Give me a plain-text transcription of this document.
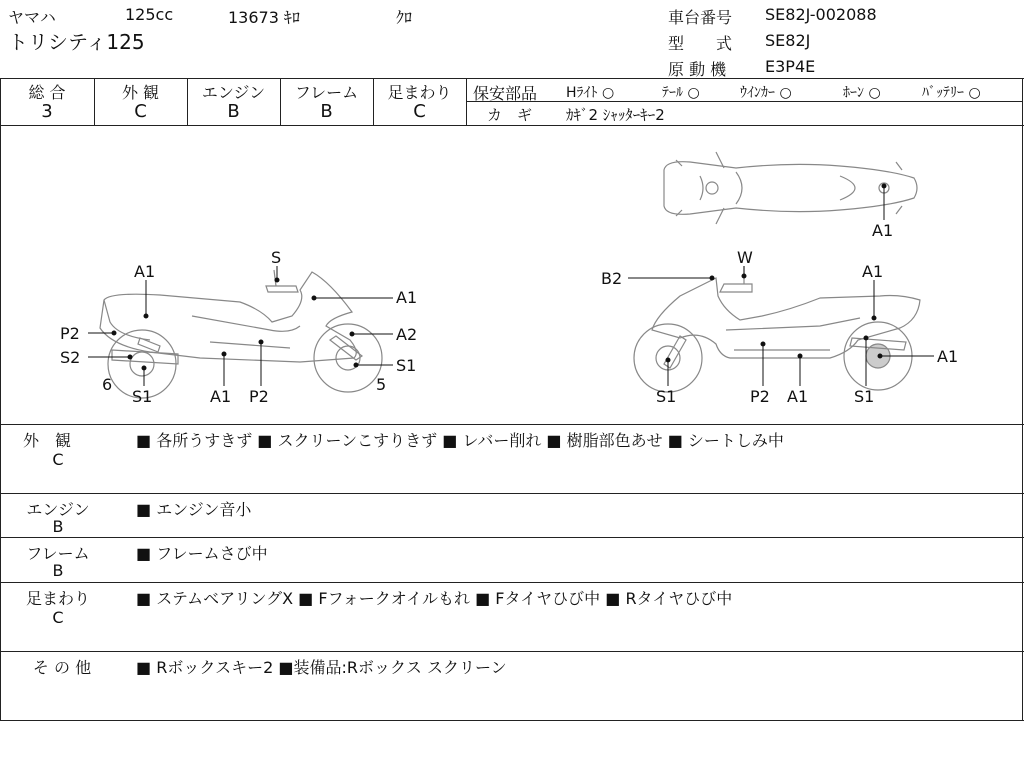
ヤマハ	125cc	13673 ｷﾛ	ｸﾛ
トリシティ125
車台番号 SE82J-002088
型　　式 SE82J
原 動 機 E3P4E
総 合
3
外 観
C
エンジン
B
フレーム
B
足まわり
C
保安部品 Hﾗｲﾄ ○	ﾃｰﾙ ○	ｳｲﾝｶｰ ○	ﾎｰﾝ ○	ﾊﾞｯﾃﾘｰ ○
カ　ギ ｶｷﾞ2 ｼｬｯﾀｰｷｰ2
A1
S
A1
P2	A2
S2	S1
6
S1	A1 P2
5
A1
B2
W
A1
A1
S1	P2 A1	S1
外　観
C
■ 各所うすきず ■ スクリーンこすりきず ■ レバー削れ ■ 樹脂部色あせ ■ シートしみ中
エンジン
B
■ エンジン音小
フレーム
B
■ フレームさび中
足まわり
C
■ ステムベアリングX ■ Fフォークオイルもれ ■ Fタイヤひび中 ■ Rタイヤひび中
そ の 他	■ Rボックスキー2 ■装備品:Rボックス スクリーン
